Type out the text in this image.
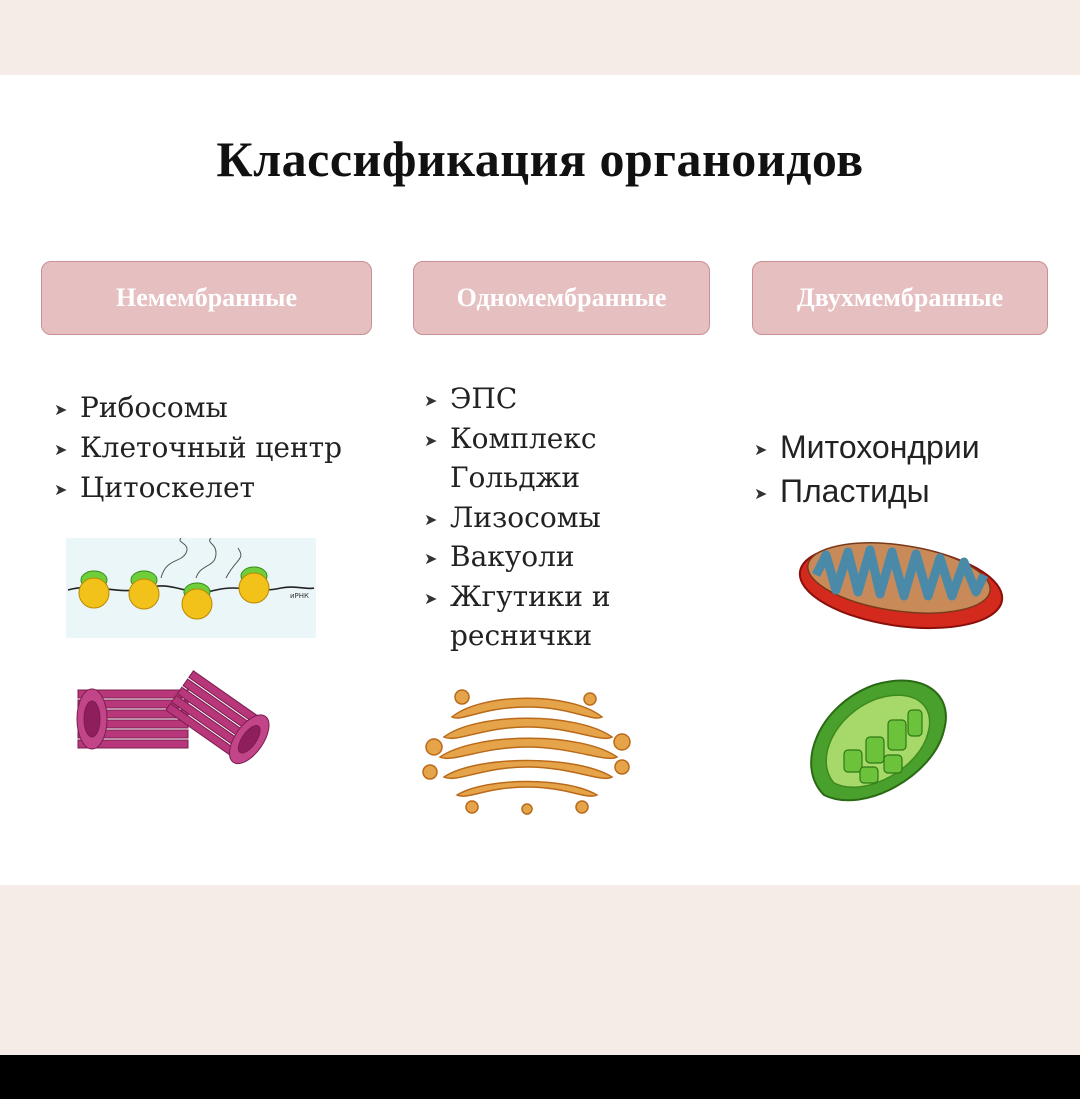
Классификация органоидов
Немембранные	Одномембранные	Двухмембранные
➤ Рибосомы
➤ Клеточный центр
➤ Цитоскелет
➤ ЭПС
➤ Комплекс Гольджи
➤ Лизосомы
➤ Вакуоли
➤ Жгутики и
реснички
➤ Митохондрии
➤ Пластиды
иРНК
